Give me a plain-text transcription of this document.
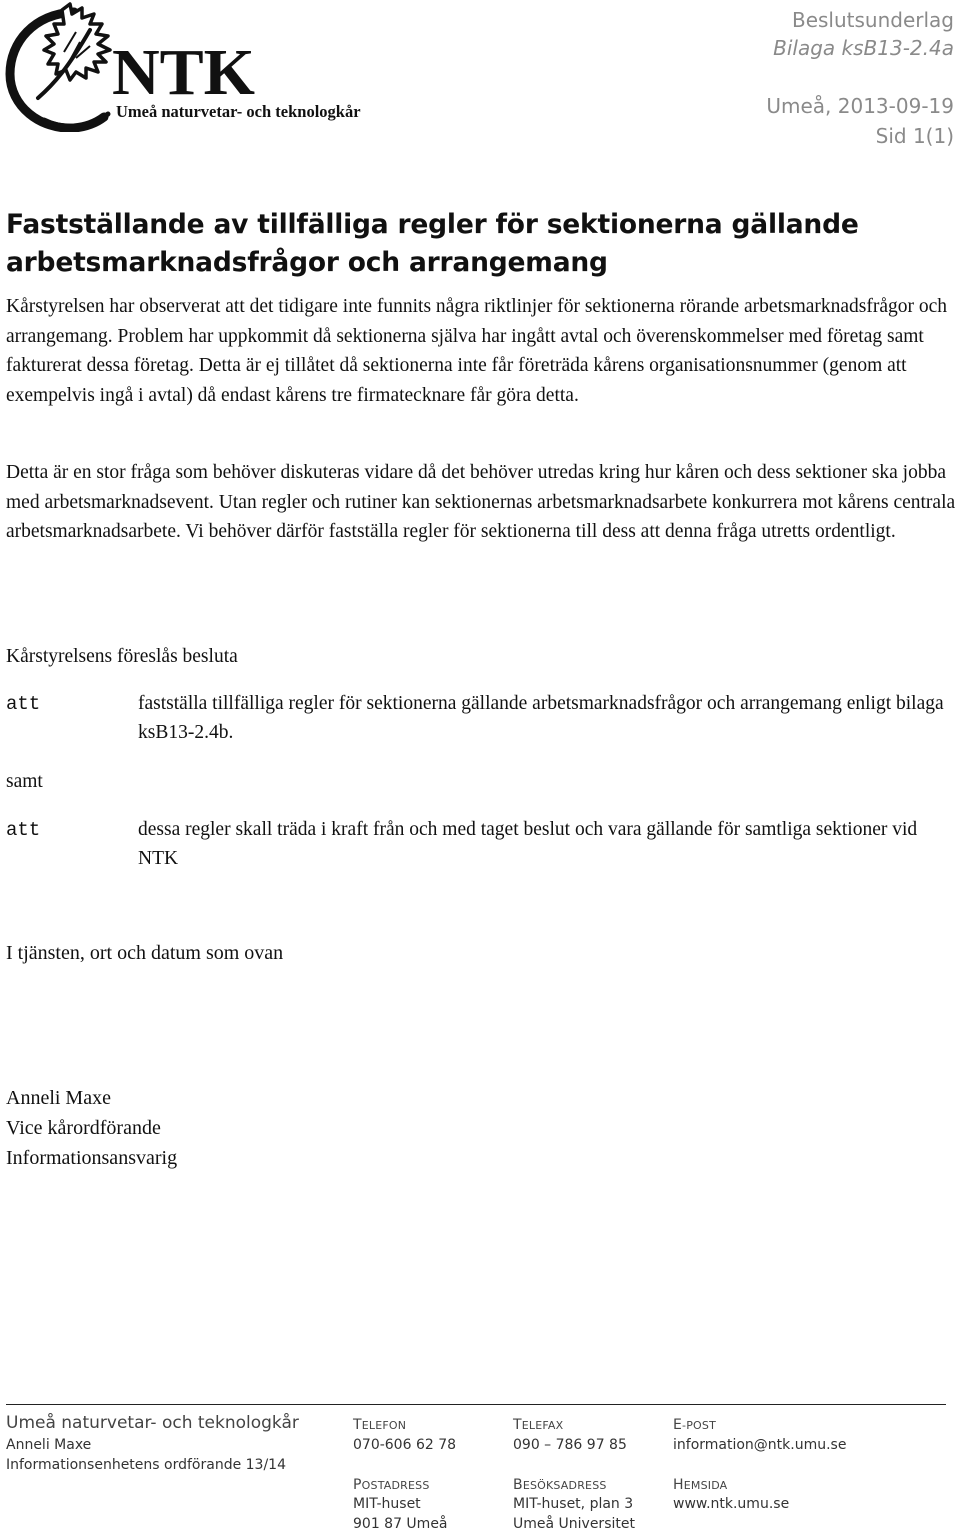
NTK
Umeå naturvetar- och teknologkår
Beslutsunderlag
Bilaga ksB13-2.4a
Umeå, 2013-09-19
Sid 1(1)
Fastställande av tillfälliga regler för sektionerna gällande arbetsmarknadsfrågor och arrangemang
Kårstyrelsen har observerat att det tidigare inte funnits några riktlinjer för sektionerna rörande arbetsmarknadsfrågor och arrangemang. Problem har uppkommit då sektionerna själva har ingått avtal och överenskommelser med företag samt fakturerat dessa företag. Detta är ej tillåtet då sektionerna inte får företräda kårens organisationsnummer (genom att exempelvis ingå i avtal) då endast kårens tre firmatecknare får göra detta.
Detta är en stor fråga som behöver diskuteras vidare då det behöver utredas kring hur kåren och dess sektioner ska jobba med arbetsmarknadsevent. Utan regler och rutiner kan sektionernas arbetsmarknadsarbete konkurrera mot kårens centrala arbetsmarknadsarbete. Vi behöver därför fastställa regler för sektionerna till dess att denna fråga utretts ordentligt.
Kårstyrelsens föreslås besluta
att	fastställa tillfälliga regler för sektionerna gällande arbetsmarknadsfrågor och arrangemang enligt bilaga ksB13-2.4b.
samt
att	dessa regler skall träda i kraft från och med taget beslut och vara gällande för samtliga sektioner vid NTK
I tjänsten, ort och datum som ovan
Anneli Maxe
Vice kårordförande
Informationsansvarig
Umeå naturvetar- och teknologkår
Anneli Maxe
Informationsenhetens ordförande 13/14
TELEFON
070-606 62 78
TELEFAX
090 – 786 97 85
E-POST
information@ntk.umu.se
POSTADRESS
MIT-huset
901 87 Umeå
BESÖKSADRESS
MIT-huset, plan 3
Umeå Universitet
HEMSIDA
www.ntk.umu.se
